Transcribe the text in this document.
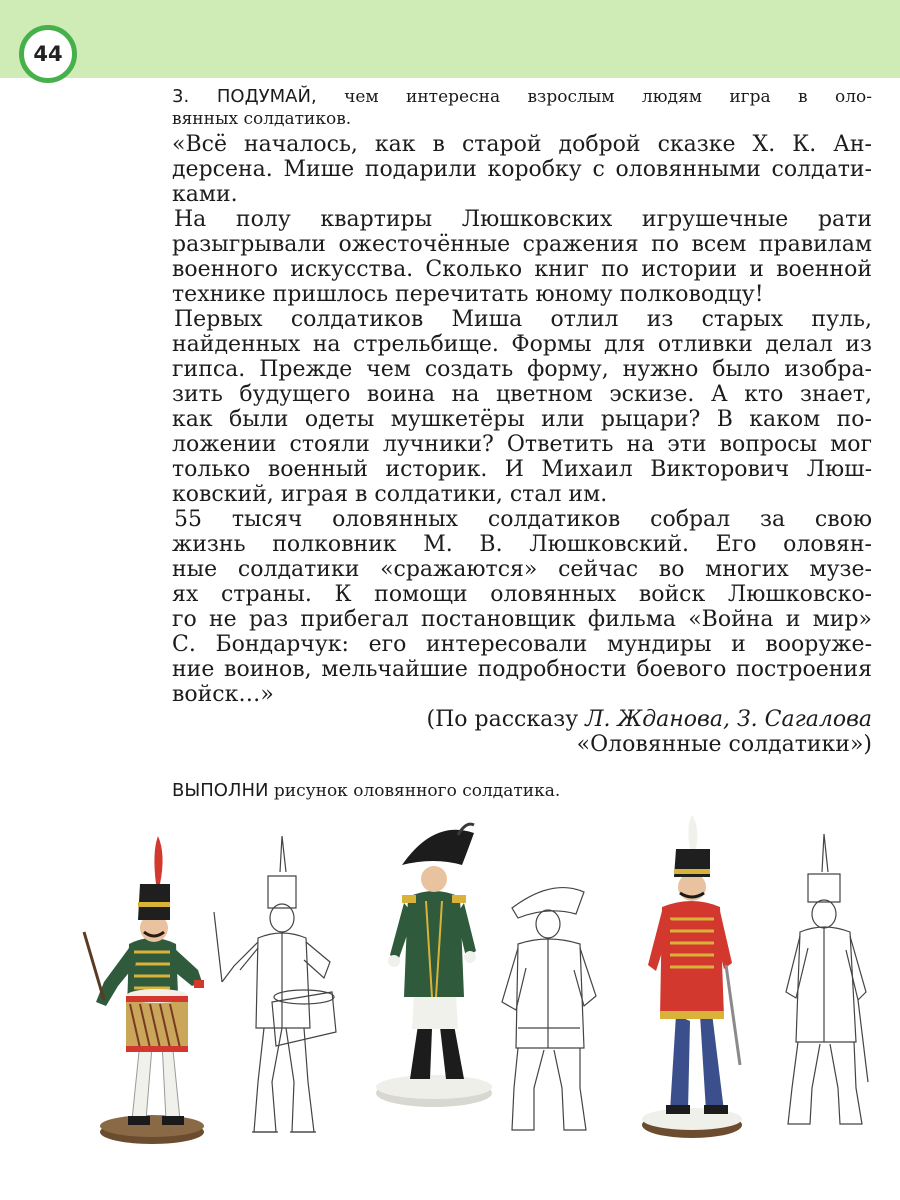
44
3. ПОДУМАЙ, чем интересна взрослым людям игра в оло-
вянных солдатиков.
«Всё началось, как в старой доброй сказке Х. К. Ан-
дерсена. Мише подарили коробку с оловянными солдати-
ками.
На полу квартиры Люшковских игрушечные рати
разыгрывали ожесточённые сражения по всем правилам
военного искусства. Сколько книг по истории и военной
технике пришлось перечитать юному полководцу!
Первых солдатиков Миша отлил из старых пуль,
найденных на стрельбище. Формы для отливки делал из
гипса. Прежде чем создать форму, нужно было изобра-
зить будущего воина на цветном эскизе. А кто знает,
как были одеты мушкетёры или рыцари? В каком по-
ложении стояли лучники? Ответить на эти вопросы мог
только военный историк. И Михаил Викторович Люш-
ковский, играя в солдатики, стал им.
55 тысяч оловянных солдатиков собрал за свою
жизнь полковник М. В. Люшковский. Его оловян-
ные солдатики «сражаются» сейчас во многих музе-
ях страны. К помощи оловянных войск Люшковско-
го не раз прибегал постановщик фильма «Война и мир»
С. Бондарчук: его интересовали мундиры и вооруже-
ние воинов, мельчайшие подробности боевого построения
войск…»
(По рассказу Л. Жданова, З. Сагалова
«Оловянные солдатики»)
ВЫПОЛНИ рисунок оловянного солдатика.
